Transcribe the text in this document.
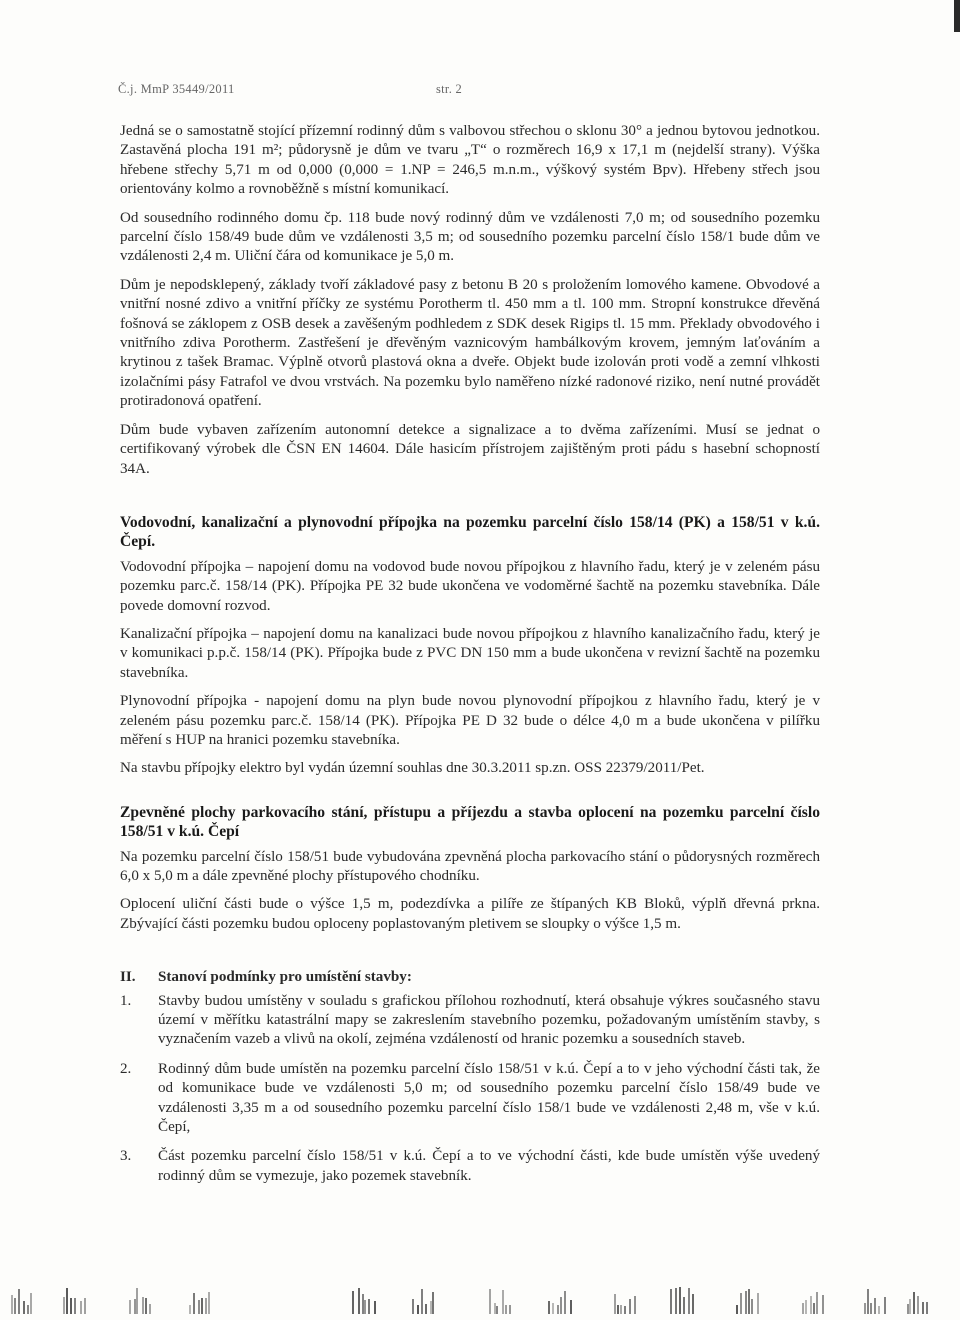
Č.j. MmP 35449/2011	str. 2

Jedná se o samostatně stojící přízemní rodinný dům s valbovou střechou o sklonu 30° a jednou bytovou jednotkou. Zastavěná plocha 191 m²; půdorysně je dům ve tvaru „T“ o rozměrech 16,9 x 17,1 m (nejdelší strany). Výška hřebene střechy 5,71 m od 0,000 (0,000 = 1.NP = 246,5 m.n.m., výškový systém Bpv). Hřebeny střech jsou orientovány kolmo a rovnoběžně s místní komunikací.

Od sousedního rodinného domu čp. 118 bude nový rodinný dům ve vzdálenosti 7,0 m; od sousedního pozemku parcelní číslo 158/49 bude dům ve vzdálenosti 3,5 m; od sousedního pozemku parcelní číslo 158/1 bude dům ve vzdálenosti 2,4 m. Uliční čára od komunikace je 5,0 m.

Dům je nepodsklepený, základy tvoří základové pasy z betonu B 20 s proložením lomového kamene. Obvodové a vnitřní nosné zdivo a vnitřní příčky ze systému Porotherm tl. 450 mm a tl. 100 mm. Stropní konstrukce dřevěná fošnová se záklopem z OSB desek a zavěšeným podhledem z SDK desek Rigips tl. 15 mm. Překlady obvodového i vnitřního zdiva Porotherm. Zastřešení je dřevěným vaznicovým hambálkovým krovem, jemným laťováním a krytinou z tašek Bramac. Výplně otvorů plastová okna a dveře. Objekt bude izolován proti vodě a zemní vlhkosti izolačními pásy Fatrafol ve dvou vrstvách. Na pozemku bylo naměřeno nízké radonové riziko, není nutné provádět protiradonová opatření.

Dům bude vybaven zařízením autonomní detekce a signalizace a to dvěma zařízeními. Musí se jednat o certifikovaný výrobek dle ČSN EN 14604. Dále hasicím přístrojem zajištěným proti pádu s hasební schopností 34A.

Vodovodní, kanalizační a plynovodní přípojka na pozemku parcelní číslo 158/14 (PK) a 158/51 v k.ú. Čepí.

Vodovodní přípojka – napojení domu na vodovod bude novou přípojkou z hlavního řadu, který je v zeleném pásu pozemku parc.č. 158/14 (PK). Přípojka PE 32 bude ukončena ve vodoměrné šachtě na pozemku stavebníka. Dále povede domovní rozvod.

Kanalizační přípojka – napojení domu na kanalizaci bude novou přípojkou z hlavního kanalizačního řadu, který je v komunikaci p.p.č. 158/14 (PK). Přípojka bude z PVC DN 150 mm a bude ukončena v revizní šachtě na pozemku stavebníka.

Plynovodní přípojka - napojení domu na plyn bude novou plynovodní přípojkou z hlavního řadu, který je v zeleném pásu pozemku parc.č. 158/14 (PK). Přípojka PE D 32 bude o délce 4,0 m a bude ukončena v pilířku měření s HUP na hranici pozemku stavebníka.

Na stavbu přípojky elektro byl vydán územní souhlas dne 30.3.2011 sp.zn. OSS 22379/2011/Pet.

Zpevněné plochy parkovacího stání, přístupu a příjezdu a stavba oplocení na pozemku parcelní číslo 158/51 v k.ú. Čepí

Na pozemku parcelní číslo 158/51 bude vybudována zpevněná plocha parkovacího stání o půdorysných rozměrech 6,0 x 5,0 m a dále zpevněné plochy přístupového chodníku.

Oplocení uliční části bude o výšce 1,5 m, podezdívka a pilíře ze štípaných KB Bloků, výplň dřevná prkna. Zbývající části pozemku budou oploceny poplastovaným pletivem se sloupky o výšce 1,5 m.

II. Stanoví podmínky pro umístění stavby:
1. Stavby budou umístěny v souladu s grafickou přílohou rozhodnutí, která obsahuje výkres současného stavu území v měřítku katastrální mapy se zakreslením stavebního pozemku, požadovaným umístěním stavby, s vyznačením vazeb a vlivů na okolí, zejména vzdáleností od hranic pozemku a sousedních staveb.
2. Rodinný dům bude umístěn na pozemku parcelní číslo 158/51 v k.ú. Čepí a to v jeho východní části tak, že od komunikace bude ve vzdálenosti 5,0 m; od sousedního pozemku parcelní číslo 158/49 bude ve vzdálenosti 3,35 m a od sousedního pozemku parcelní číslo 158/1 bude ve vzdálenosti 2,48 m, vše v k.ú. Čepí,
3. Část pozemku parcelní číslo 158/51 v k.ú. Čepí a to ve východní části, kde bude umístěn výše uvedený rodinný dům se vymezuje, jako pozemek stavebník.
